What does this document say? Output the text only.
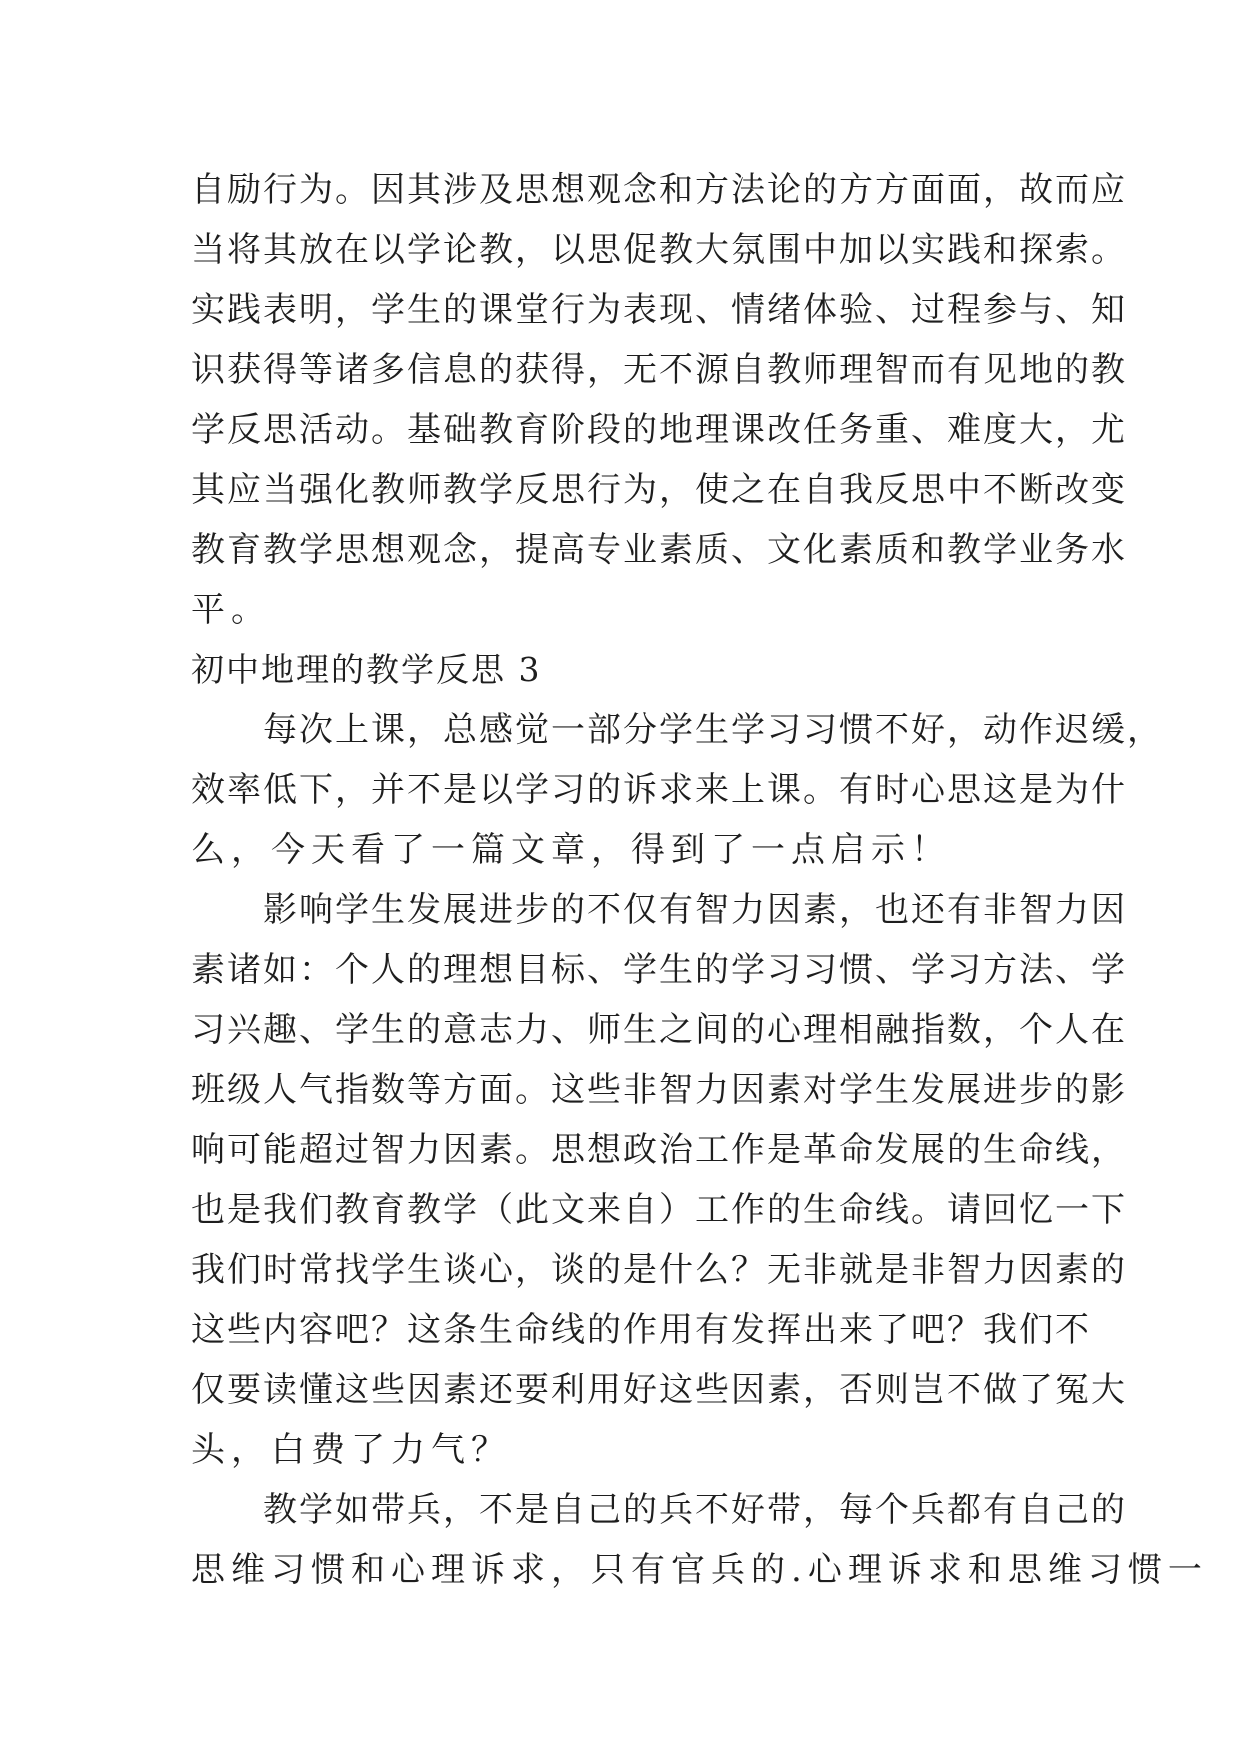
自 励 行 为 。 因 其 涉 及 思 想 观 念 和 方 法 论 的 方 方 面 面 ， 故 而 应
当 将 其 放 在 以 学 论 教 ， 以 思 促 教 大 氛 围 中 加 以 实 践 和 探 索 。
实 践 表 明 ， 学 生 的 课 堂 行 为 表 现 、 情 绪 体 验 、 过 程 参 与 、 知
识 获 得 等 诸 多 信 息 的 获 得 ， 无 不 源 自 教 师 理 智 而 有 见 地 的 教
学 反 思 活 动 。 基 础 教 育 阶 段 的 地 理 课 改 任 务 重 、 难 度 大 ， 尤
其 应 当 强 化 教 师 教 学 反 思 行 为 ， 使 之 在 自 我 反 思 中 不 断 改 变
教 育 教 学 思 想 观 念 ， 提 高 专 业 素 质 、 文 化 素 质 和 教 学 业 务 水
平 。
初中地理的教学反思 3

每 次 上 课 ， 总 感 觉 一 部 分 学 生 学 习 习 惯 不 好 ， 动 作 迟 缓 ，
效 率 低 下 ， 并 不 是 以 学 习 的 诉 求 来 上 课 。 有 时 心 思 这 是 为 什
么 ， 今 天 看 了 一 篇 文 章 ， 得 到 了 一 点 启 示 ！

影 响 学 生 发 展 进 步 的 不 仅 有 智 力 因 素 ， 也 还 有 非 智 力 因
素 诸 如 ： 个 人 的 理 想 目 标 、 学 生 的 学 习 习 惯 、 学 习 方 法 、 学
习 兴 趣 、 学 生 的 意 志 力 、 师 生 之 间 的 心 理 相 融 指 数 ， 个 人 在
班 级 人 气 指 数 等 方 面 。 这 些 非 智 力 因 素 对 学 生 发 展 进 步 的 影
响 可 能 超 过 智 力 因 素 。 思 想 政 治 工 作 是 革 命 发 展 的 生 命 线 ，
也 是 我 们 教 育 教 学 （ 此 文 来 自 ） 工 作 的 生 命 线 。 请 回 忆 一 下
我 们 时 常 找 学 生 谈 心 ， 谈 的 是 什 么 ？ 无 非 就 是 非 智 力 因 素 的
这 些 内 容 吧 ？ 这 条 生 命 线 的 作 用 有 发 挥 出 来 了 吧 ？ 我 们 不
仅 要 读 懂 这 些 因 素 还 要 利 用 好 这 些 因 素 ， 否 则 岂 不 做 了 冤 大
头 ， 白 费 了 力 气 ？

教 学 如 带 兵 ， 不 是 自 己 的 兵 不 好 带 ， 每 个 兵 都 有 自 己 的
思 维 习 惯 和 心 理 诉 求 ， 只 有 官 兵 的 . 心 理 诉 求 和 思 维 习 惯 一
